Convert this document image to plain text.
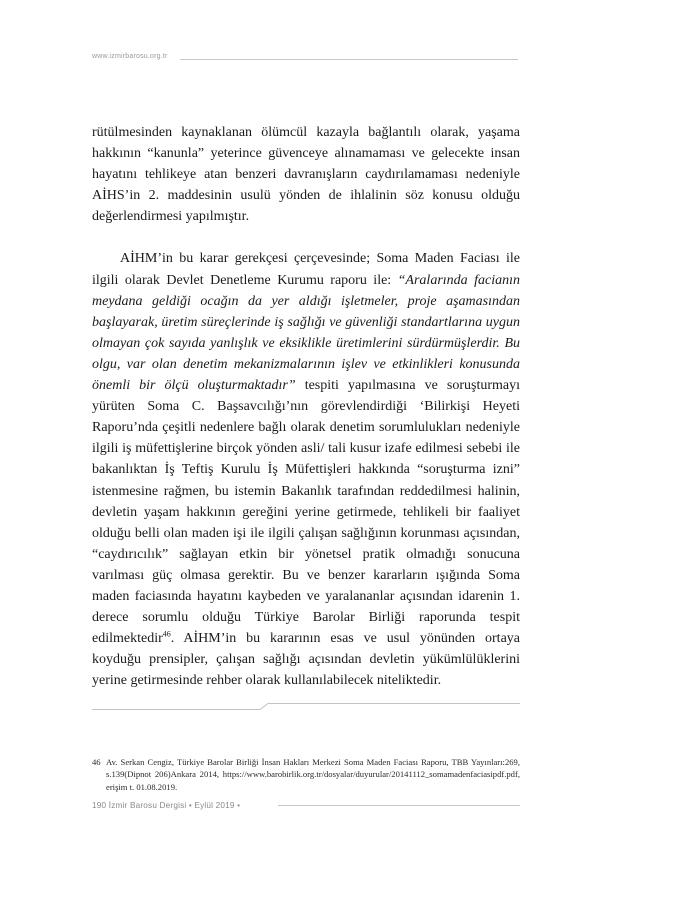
www.izmirbarosu.org.tr

rütülmesinden kaynaklanan ölümcül kazayla bağlantılı olarak, yaşama hakkının “kanunla” yeterince güvenceye alınamaması ve gelecekte insan hayatını tehlikeye atan benzeri davranışların caydırılamaması nedeniyle AİHS’in 2. maddesinin usulü yönden de ihlalinin söz konusu olduğu değerlendirmesi yapılmıştır.

AİHM’in bu karar gerekçesi çerçevesinde; Soma Maden Faciası ile ilgili olarak Devlet Denetleme Kurumu raporu ile: “Aralarında facianın meydana geldiği ocağın da yer aldığı işletmeler, proje aşamasından başlayarak, üretim süreçlerinde iş sağlığı ve güvenliği standartlarına uygun olmayan çok sayıda yanlışlık ve eksiklikle üretimlerini sürdürmüşlerdir. Bu olgu, var olan denetim mekanizmalarının işlev ve etkinlikleri konusunda önemli bir ölçü oluşturmaktadır” tespiti yapılmasına ve soruşturmayı yürüten Soma C. Başsavcılığı’nın görevlendirdiği ‘Bilirkişi Heyeti Raporu’nda çeşitli nedenlere bağlı olarak denetim sorumlulukları nedeniyle ilgili iş müfettişlerine birçok yönden asli/ tali kusur izafe edilmesi sebebi ile bakanlıktan İş Teftiş Kurulu İş Müfettişleri hakkında “soruşturma izni” istenmesine rağmen, bu istemin Bakanlık tarafından reddedilmesi halinin, devletin yaşam hakkının gereğini yerine getirmede, tehlikeli bir faaliyet olduğu belli olan maden işi ile ilgili çalışan sağlığının korunması açısından, “caydırıcılık” sağlayan etkin bir yönetsel pratik olmadığı sonucuna varılması güç olmasa gerektir. Bu ve benzer kararların ışığında Soma maden faciasında hayatını kaybeden ve yaralananlar açısından idarenin 1. derece sorumlu olduğu Türkiye Barolar Birliği raporunda tespit edilmektedir$^{46}$. AİHM’in bu kararının esas ve usul yönünden ortaya koyduğu prensipler, çalışan sağlığı açısından devletin yükümlülüklerini yerine getirmesinde rehber olarak kullanılabilecek niteliktedir.

46 Av. Serkan Cengiz, Türkiye Barolar Birliği İnsan Hakları Merkezi Soma Maden Faciası Raporu, TBB Yayınları:269, s.139(Dipnot 206)Ankara 2014, https://www.barobirlik.org.tr/dosyalar/duyurular/20141112_somamadenfaciasipdf.pdf, erişim t. 01.08.2019.
190 İzmir Barosu Dergisi • Eylül 2019 •
